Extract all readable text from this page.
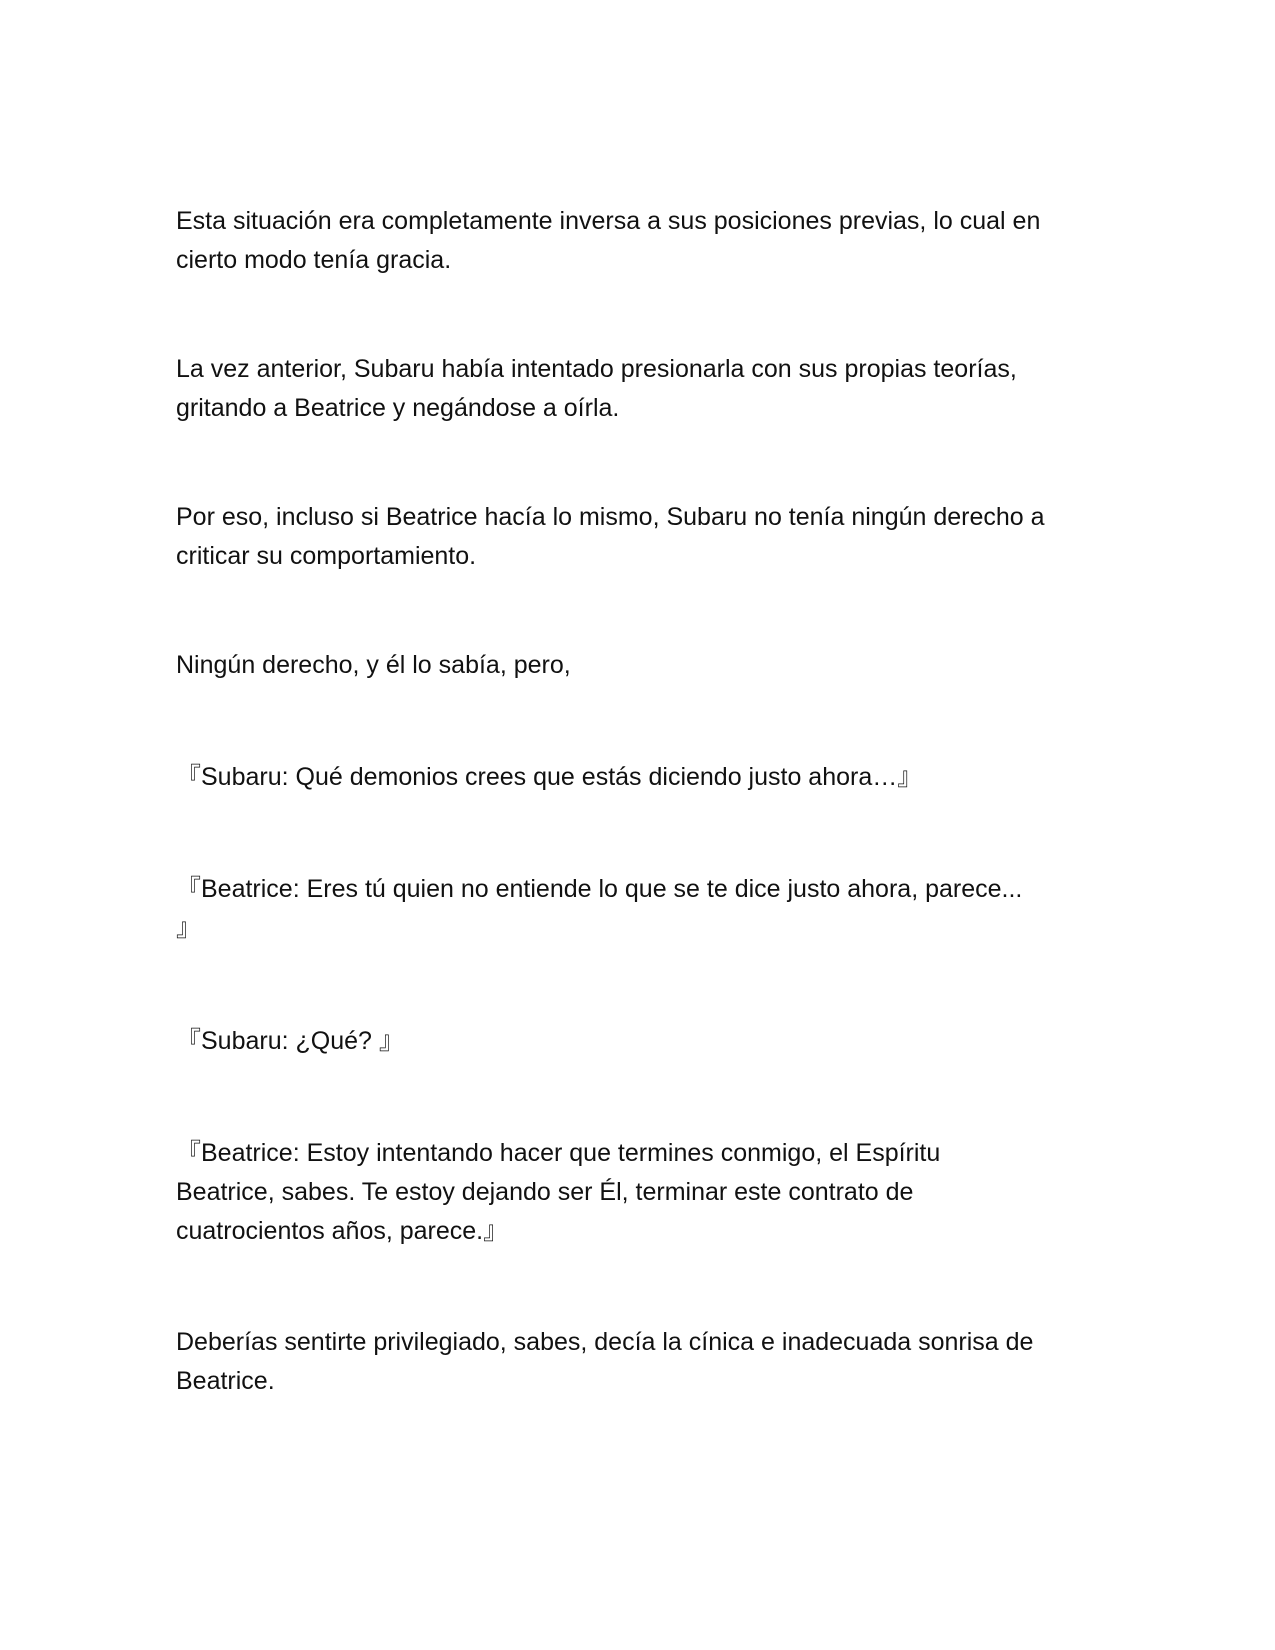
Esta situación era completamente inversa a sus posiciones previas, lo cual en
cierto modo tenía gracia.
La vez anterior, Subaru había intentado presionarla con sus propias teorías,
gritando a Beatrice y negándose a oírla.
Por eso, incluso si Beatrice hacía lo mismo, Subaru no tenía ningún derecho a
criticar su comportamiento.
Ningún derecho, y él lo sabía, pero,
『Subaru: Qué demonios crees que estás diciendo justo ahora…』
『Beatrice: Eres tú quien no entiende lo que se te dice justo ahora, parece...
』
『Subaru: ¿Qué? 』
『Beatrice: Estoy intentando hacer que termines conmigo, el Espíritu
Beatrice, sabes. Te estoy dejando ser Él, terminar este contrato de
cuatrocientos años, parece.』
Deberías sentirte privilegiado, sabes, decía la cínica e inadecuada sonrisa de
Beatrice.
